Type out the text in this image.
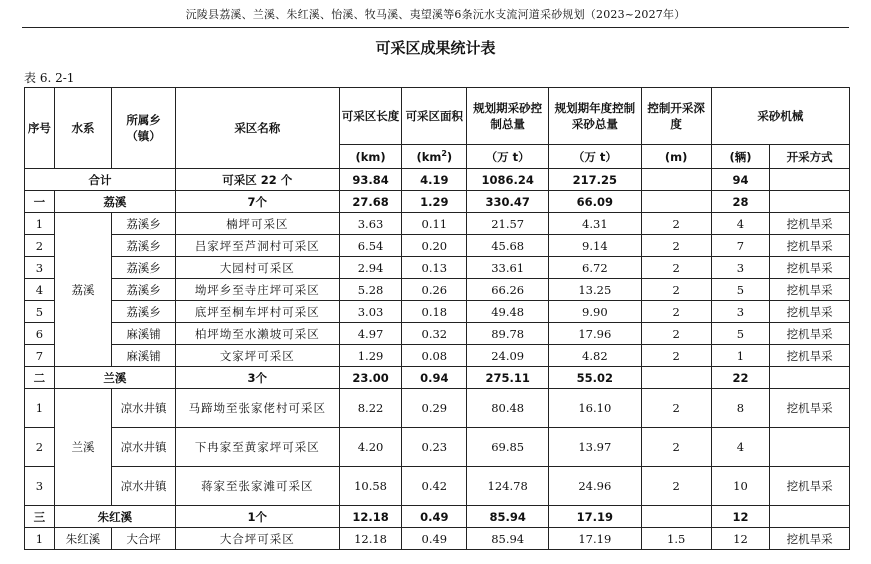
沅陵县荔溪、兰溪、朱红溪、怡溪、牧马溪、夷望溪等6条沅水支流河道采砂规划（2023~2027年）
可采区成果统计表
表 6. 2-1
序号	水系	所属乡（镇）	采区名称	可采区长度	可采区面积	规划期采砂控制总量	规划期年度控制采砂总量	控制开采深度	采砂机械	
				(km)	$(km^2)$	（万 t）	（万 t）	(m)	(辆)	开采方式
合计			可采区 22 个	93.84	4.19	1086.24	217.25		94	
一	荔溪		7个	27.68	1.29	330.47	66.09		28	
1	荔溪	荔溪乡	楠坪可采区	3.63	0.11	21.57	4.31	2	4	挖机旱采
2		荔溪乡	吕家坪至芦洞村可采区	6.54	0.20	45.68	9.14	2	7	挖机旱采
3		荔溪乡	大园村可采区	2.94	0.13	33.61	6.72	2	3	挖机旱采
4		荔溪乡	坳坪乡至寺庄坪可采区	5.28	0.26	66.26	13.25	2	5	挖机旱采
5		荔溪乡	底坪至桐车坪村可采区	3.03	0.18	49.48	9.90	2	3	挖机旱采
6		麻溪铺	柏坪坳至水濑坡可采区	4.97	0.32	89.78	17.96	2	5	挖机旱采
7		麻溪铺	文家坪可采区	1.29	0.08	24.09	4.82	2	1	挖机旱采
二	兰溪		3个	23.00	0.94	275.11	55.02		22	
1	兰溪	凉水井镇	马蹄坳至张家佬村可采区	8.22	0.29	80.48	16.10	2	8	挖机旱采
2		凉水井镇	下冉家至黄家坪可采区	4.20	0.23	69.85	13.97	2	4	
3		凉水井镇	蒋家至张家滩可采区	10.58	0.42	124.78	24.96	2	10	挖机旱采
三	朱红溪		1个	12.18	0.49	85.94	17.19		12	
1	朱红溪	大合坪	大合坪可采区	12.18	0.49	85.94	17.19	1.5	12	挖机旱采
